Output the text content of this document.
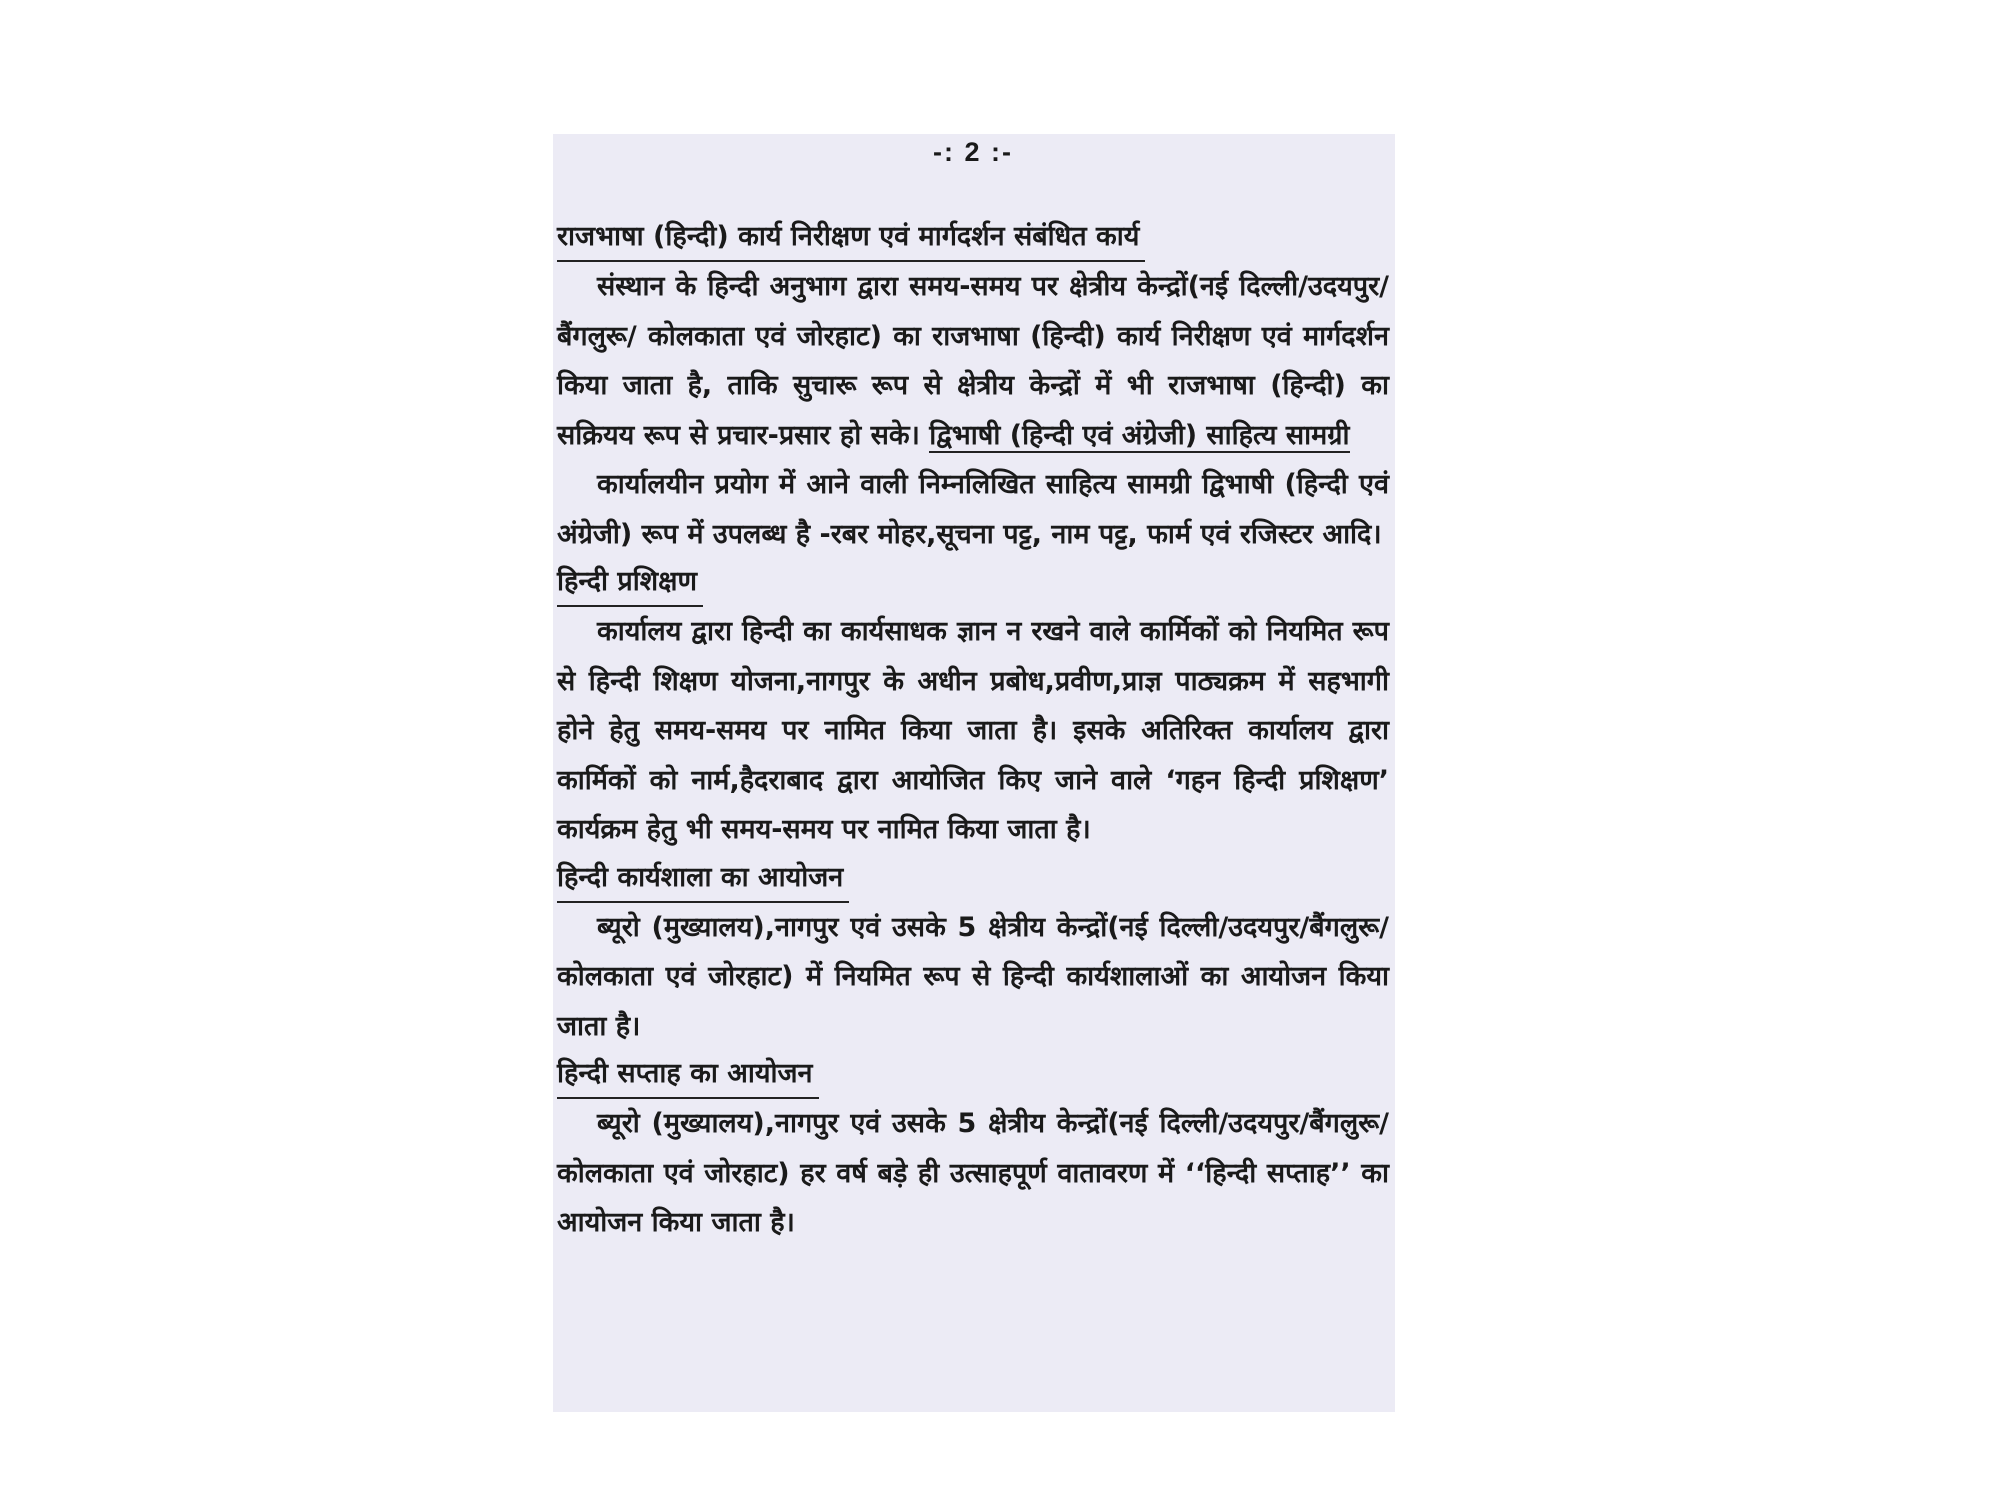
-: 2 :-
राजभाषा (हिन्दी) कार्य निरीक्षण एवं मार्गदर्शन संबंधित कार्य

संस्थान के हिन्दी अनुभाग द्वारा समय-समय पर क्षेत्रीय केन्द्रों(नई दिल्ली/उदयपुर/बैंगलुरू/ कोलकाता एवं जोरहाट) का राजभाषा (हिन्दी) कार्य निरीक्षण एवं मार्गदर्शन किया जाता है, ताकि सुचारू रूप से क्षेत्रीय केन्द्रों में भी राजभाषा (हिन्दी) का सक्रियय रूप से प्रचार-प्रसार हो सके। द्विभाषी (हिन्दी एवं अंग्रेजी) साहित्य सामग्री

कार्यालयीन प्रयोग में आने वाली निम्नलिखित साहित्य सामग्री द्विभाषी (हिन्दी एवं अंग्रेजी) रूप में उपलब्ध है -रबर मोहर,सूचना पट्ट, नाम पट्ट, फार्म एवं रजिस्टर आदि।

हिन्दी प्रशिक्षण

कार्यालय द्वारा हिन्दी का कार्यसाधक ज्ञान न रखने वाले कार्मिकों को नियमित रूप से हिन्दी शिक्षण योजना,नागपुर के अधीन प्रबोध,प्रवीण,प्राज्ञ पाठ्यक्रम में सहभागी होने हेतु समय-समय पर नामित किया जाता है। इसके अतिरिक्त कार्यालय द्वारा कार्मिकों को नार्म,हैदराबाद द्वारा आयोजित किए जाने वाले ‘गहन हिन्दी प्रशिक्षण’ कार्यक्रम हेतु भी समय-समय पर नामित किया जाता है।

हिन्दी कार्यशाला का आयोजन

ब्यूरो (मुख्यालय),नागपुर एवं उसके 5 क्षेत्रीय केन्द्रों(नई दिल्ली/उदयपुर/बैंगलुरू/कोलकाता एवं जोरहाट) में नियमित रूप से हिन्दी कार्यशालाओं का आयोजन किया जाता है।

हिन्दी सप्ताह का आयोजन

ब्यूरो (मुख्यालय),नागपुर एवं उसके 5 क्षेत्रीय केन्द्रों(नई दिल्ली/उदयपुर/बैंगलुरू/कोलकाता एवं जोरहाट) हर वर्ष बड़े ही उत्साहपूर्ण वातावरण में ‘‘हिन्दी सप्ताह’’ का आयोजन किया जाता है।
